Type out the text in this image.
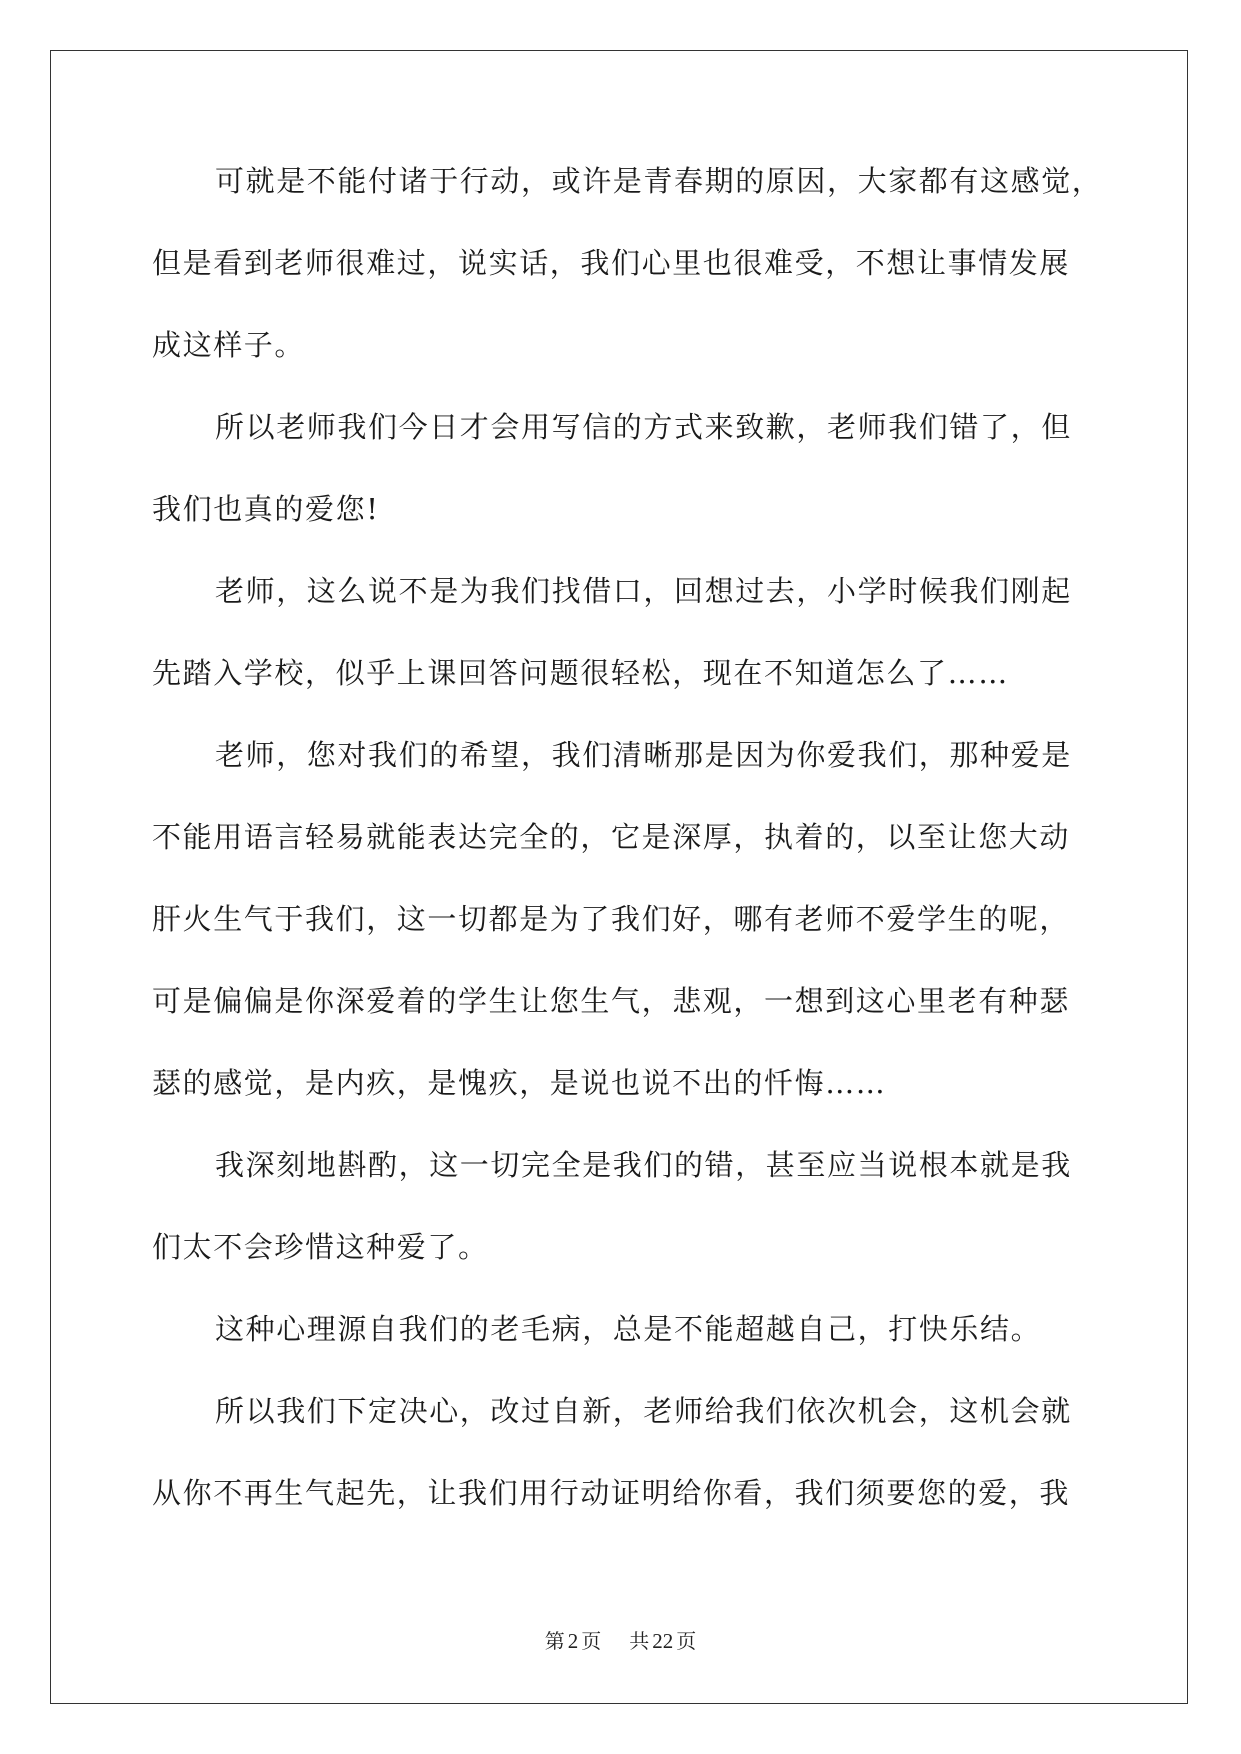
可就是不能付诸于行动，或许是青春期的原因，大家都有这感觉，
但是看到老师很难过，说实话，我们心里也很难受，不想让事情发展
成这样子。
所以老师我们今日才会用写信的方式来致歉，老师我们错了，但
我们也真的爱您!
老师，这么说不是为我们找借口，回想过去，小学时候我们刚起
先踏入学校，似乎上课回答问题很轻松，现在不知道怎么了……
老师，您对我们的希望，我们清晰那是因为你爱我们，那种爱是
不能用语言轻易就能表达完全的，它是深厚，执着的，以至让您大动
肝火生气于我们，这一切都是为了我们好，哪有老师不爱学生的呢，
可是偏偏是你深爱着的学生让您生气，悲观，一想到这心里老有种瑟
瑟的感觉，是内疚，是愧疚，是说也说不出的忏悔……
我深刻地斟酌，这一切完全是我们的错，甚至应当说根本就是我
们太不会珍惜这种爱了。
这种心理源自我们的老毛病，总是不能超越自己，打快乐结。
所以我们下定决心，改过自新，老师给我们依次机会，这机会就
从你不再生气起先，让我们用行动证明给你看，我们须要您的爱，我
第 2 页 共 22 页
